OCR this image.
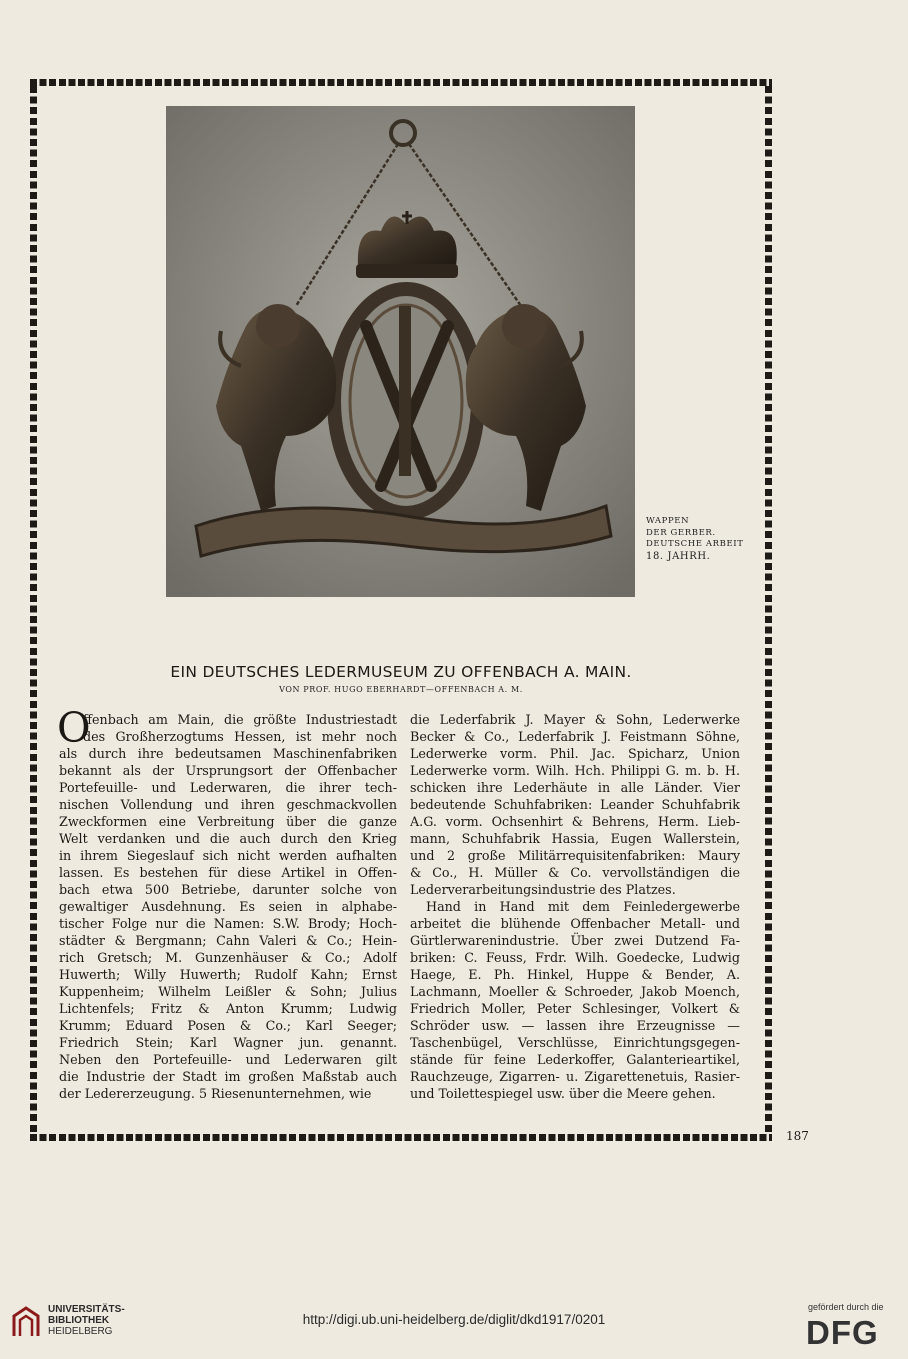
WAPPEN
DER GERBER.
DEUTSCHE ARBEIT
18. JAHRH.
EIN DEUTSCHES LEDERMUSEUM ZU OFFENBACH A. MAIN.
VON PROF. HUGO EBERHARDT—OFFENBACH A. M.
O
ffenbach am Main, die größte Industriestadt
des Großherzogtums Hessen, ist mehr noch
als durch ihre bedeutsamen Maschinenfabriken
bekannt als der Ursprungsort der Offenbacher
Portefeuille- und Lederwaren, die ihrer tech-
nischen Vollendung und ihren geschmackvollen
Zweckformen eine Verbreitung über die ganze
Welt verdanken und die auch durch den Krieg
in ihrem Siegeslauf sich nicht werden aufhalten
lassen. Es bestehen für diese Artikel in Offen-
bach etwa 500 Betriebe, darunter solche von
gewaltiger Ausdehnung. Es seien in alphabe-
tischer Folge nur die Namen: S.W. Brody; Hoch-
städter & Bergmann; Cahn Valeri & Co.; Hein-
rich Gretsch; M. Gunzenhäuser & Co.; Adolf
Huwerth; Willy Huwerth; Rudolf Kahn; Ernst
Kuppenheim; Wilhelm Leißler & Sohn; Julius
Lichtenfels; Fritz & Anton Krumm; Ludwig
Krumm; Eduard Posen & Co.; Karl Seeger;
Friedrich Stein; Karl Wagner jun. genannt.
Neben den Portefeuille- und Lederwaren gilt
die Industrie der Stadt im großen Maßstab auch
der Ledererzeugung. 5 Riesenunternehmen, wie
die Lederfabrik J. Mayer & Sohn, Lederwerke
Becker & Co., Lederfabrik J. Feistmann Söhne,
Lederwerke vorm. Phil. Jac. Spicharz, Union
Lederwerke vorm. Wilh. Hch. Philippi G. m. b. H.
schicken ihre Lederhäute in alle Länder. Vier
bedeutende Schuhfabriken: Leander Schuhfabrik
A.G. vorm. Ochsenhirt & Behrens, Herm. Lieb-
mann, Schuhfabrik Hassia, Eugen Wallerstein,
und 2 große Militärrequisitenfabriken: Maury
& Co., H. Müller & Co. vervollständigen die
Lederverarbeitungsindustrie des Platzes.
Hand in Hand mit dem Feinledergewerbe
arbeitet die blühende Offenbacher Metall- und
Gürtlerwarenindustrie. Über zwei Dutzend Fa-
briken: C. Feuss, Frdr. Wilh. Goedecke, Ludwig
Haege, E. Ph. Hinkel, Huppe & Bender, A.
Lachmann, Moeller & Schroeder, Jakob Moench,
Friedrich Moller, Peter Schlesinger, Volkert &
Schröder usw. — lassen ihre Erzeugnisse —
Taschenbügel, Verschlüsse, Einrichtungsgegen-
stände für feine Lederkoffer, Galanterieartikel,
Rauchzeuge, Zigarren- u. Zigarettenetuis, Rasier-
und Toilettespiegel usw. über die Meere gehen.
187
UNIVERSITÄTS-
BIBLIOTHEK
HEIDELBERG
http://digi.ub.uni-heidelberg.de/diglit/dkd1917/0201
gefördert durch die
DFG
